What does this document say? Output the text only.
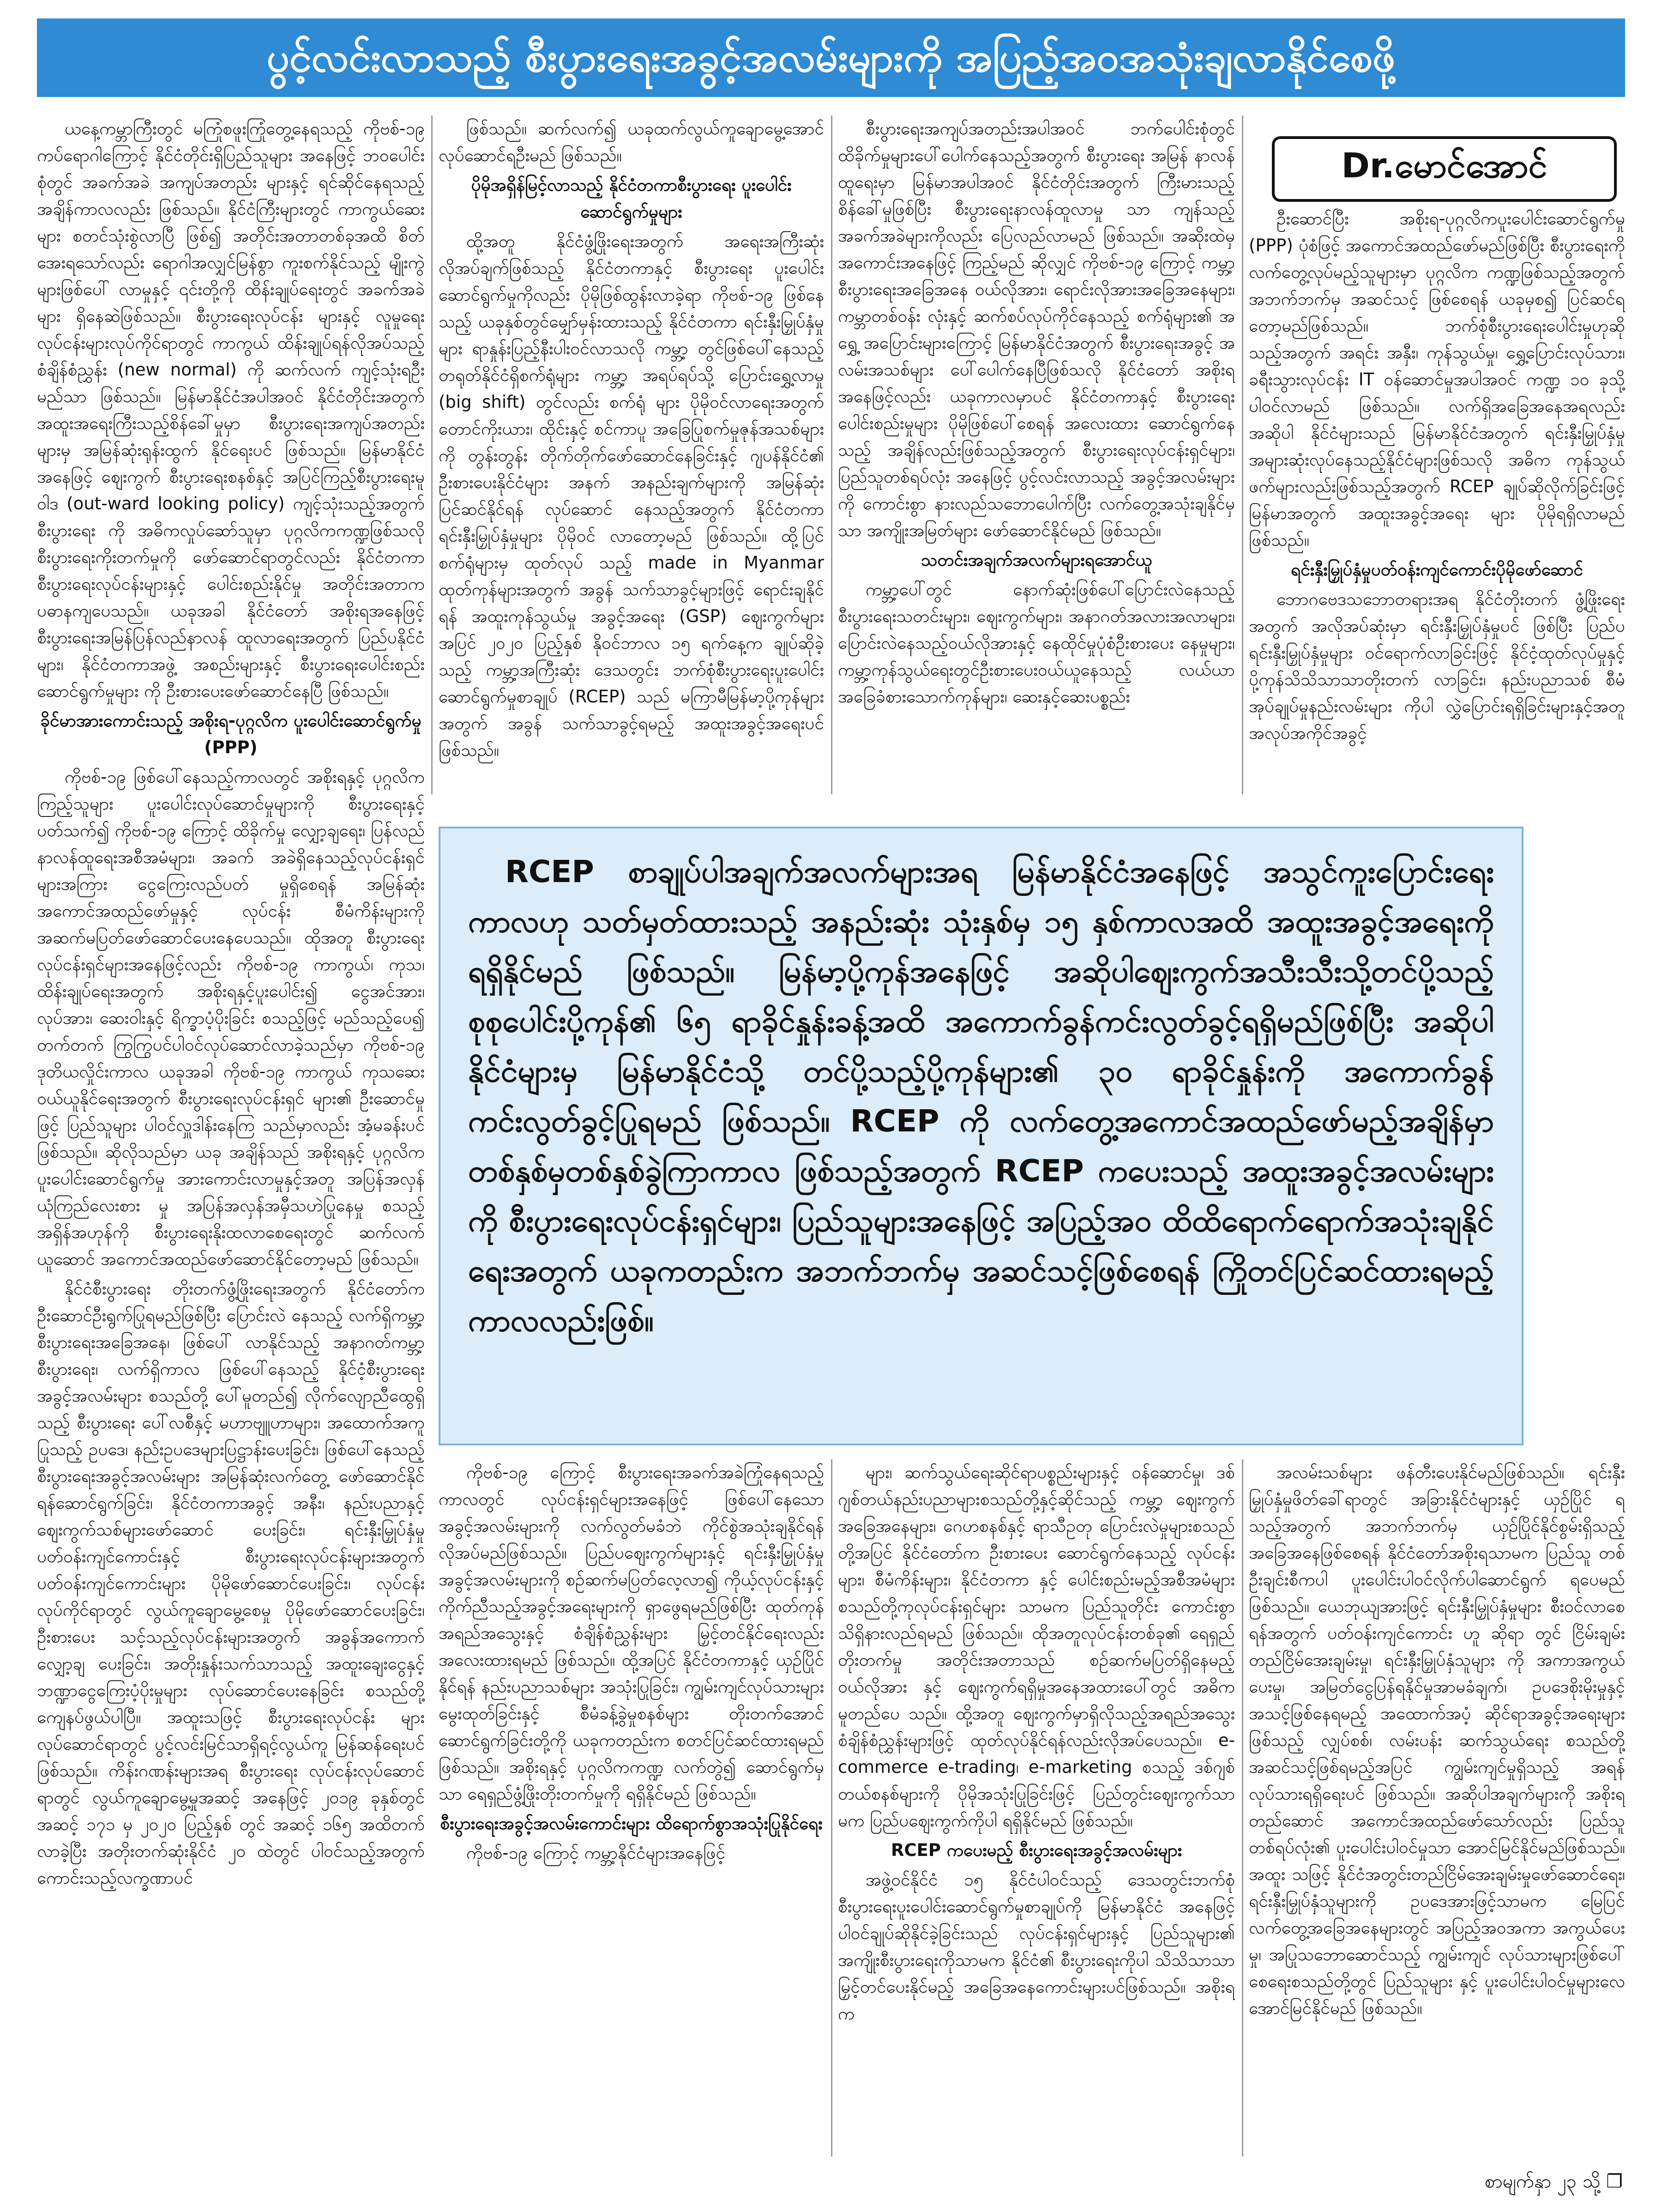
ပွင့်လင်းလာသည့် စီးပွားရေးအခွင့်အလမ်းများကို အပြည့်အ၀အသုံးချလာနိုင်စေဖို့

ယနေ့ကမ္ဘာကြီးတွင် မကြုံစဖူးကြုံတွေ့နေရသည့် ကိုဗစ်-၁၉ ကပ်ရောဂါကြောင့် နိုင်ငံတိုင်းရှိပြည်သူများ အနေဖြင့် ဘဝပေါင်းစုံတွင် အခက်အခဲ အကျပ်အတည်း များနှင့် ရင်ဆိုင်နေရသည့်အချိန်ကာလလည်း ဖြစ်သည်။ နိုင်ငံကြီးများတွင် ကာကွယ်ဆေးများ စတင်သုံးစွဲလာပြီ ဖြစ်၍ အတိုင်းအတာတစ်ခုအထိ စိတ်အေးရသော်လည်း ရောဂါအလျှင်မြန်စွာ ကူးစက်နိုင်သည့် မျိုးကွဲများဖြစ်ပေါ် လာမှုနှင့် ၎င်းတို့ကို ထိန်းချုပ်ရေးတွင် အခက်အခဲများ ရှိနေဆဲဖြစ်သည်။ စီးပွားရေးလုပ်ငန်း များနှင့် လူမှုရေးလုပ်ငန်းများလုပ်ကိုင်ရာတွင် ကာကွယ် ထိန်းချုပ်ရန်လိုအပ်သည့် စံချိန်စံညွှန်း (new normal) ကို ဆက်လက် ကျင့်သုံးရဦးမည်သာ ဖြစ်သည်။ မြန်မာနိုင်ငံအပါအဝင် နိုင်ငံတိုင်းအတွက် အထူးအရေးကြီးသည့်စိန်ခေါ်မှုမှာ စီးပွားရေးအကျပ်အတည်းများမှ အမြန်ဆုံးရုန်းထွက် နိုင်ရေးပင် ဖြစ်သည်။ မြန်မာနိုင်ငံအနေဖြင့် ဈေးကွက် စီးပွားရေးစနစ်နှင့် အပြင်ကြည့်စီးပွားရေးမူဝါဒ (out-ward looking policy) ကျင့်သုံးသည့်အတွက် စီးပွားရေး ကို အဓိကလှုပ်ဆော်သူမှာ ပုဂ္ဂလိကကဏ္ဍဖြစ်သလို စီးပွားရေးကိုးတက်မှုကို ဖော်ဆောင်ရာတွင်လည်း နိုင်ငံတကာ စီးပွားရေးလုပ်ငန်းများနှင့် ပေါင်းစည်းနိုင်မှု အတိုင်းအတာက ပဓာနကျပေသည်။ ယခုအခါ နိုင်ငံတော် အစိုးရအနေဖြင့် စီးပွားရေးအမြန်ပြန်လည်နာလန် ထူလာရေးအတွက် ပြည်ပနိုင်ငံများ၊ နိုင်ငံတကာအဖွဲ့ အစည်းများနှင့် စီးပွားရေးပေါင်းစည်းဆောင်ရွက်မှုများ ကို ဦးစားပေးဖော်ဆောင်နေပြီ ဖြစ်သည်။

ခိုင်မာအားကောင်းသည့် အစိုးရ-ပုဂ္ဂလိက ပူးပေါင်းဆောင်ရွက်မှု (PPP)

ကိုဗစ်-၁၉ ဖြစ်ပေါ်နေသည့်ကာလတွင် အစိုးရနှင့် ပုဂ္ဂလိကကြည့်သူများ ပူးပေါင်းလုပ်ဆောင်မှုများကို စီးပွားရေးနှင့်ပတ်သက်၍ ကိုဗစ်-၁၉ ကြောင့် ထိခိုက်မှု လျှော့ချရေး၊ ပြန်လည်နာလန်ထူရေးအစီအမံများ၊ အခက် အခဲရှိနေသည့်လုပ်ငန်းရှင်များအကြား ငွေကြေးလည်ပတ် မှုရှိစေရန် အမြန်ဆုံးအကောင်အထည်ဖော်မှုနှင့် လုပ်ငန်း စီမံကိန်းများကိုအဆက်မပြတ်ဖော်ဆောင်ပေးနေပေသည်။ ထိုအတူ စီးပွားရေးလုပ်ငန်းရှင်များအနေဖြင့်လည်း ကိုဗစ်-၁၉ ကာကွယ်၊ ကုသ၊ ထိန်းချုပ်ရေးအတွက် အစိုးရနှင့်ပူးပေါင်း၍ ငွေအင်အား၊ လုပ်အား၊ ဆေးဝါးနှင့် ရိက္ခာပံ့ပိုးခြင်း စသည့်ဖြင့် မည်သည့်ပေ၍ တက်တက် ကြွကြွပင်ပါဝင်လုပ်ဆောင်လာခဲ့သည်မှာ ကိုဗစ်-၁၉ ဒုတိယလှိုင်းကာလ ယခုအခါ ကိုဗစ်-၁၉ ကာကွယ် ကုသဆေးဝယ်ယူနိုင်ရေးအတွက် စီးပွားရေးလုပ်ငန်းရှင် များ၏ ဦးဆောင်မှုဖြင့် ပြည်သူများ ပါဝင်လှူဒါန်းနေကြ သည်မှာလည်း အံ့မခန်းပင်ဖြစ်သည်။ ဆိုလိုသည်မှာ ယခု အချိန်သည် အစိုးရနှင့် ပုဂ္ဂလိကပူးပေါင်းဆောင်ရွက်မှု အားကောင်းလာမှုနှင့်အတူ အပြန်အလှန်ယုံကြည်လေးစား မှု အပြန်အလှန်အမှီသဟဲပြုနေမှု စသည့်အရှိန်အဟုန်ကို စီးပွားရေးနိုးထလာစေရေးတွင် ဆက်လက်ယူဆောင် အကောင်အထည်ဖော်ဆောင်နိုင်တော့မည် ဖြစ်သည်။

နိုင်ငံစီးပွားရေး တိုးတက်ဖွံ့ဖြိုးရေးအတွက် နိုင်ငံတော်က ဦးဆောင်ဦးရွက်ပြုရမည်ဖြစ်ပြီး ပြောင်းလဲ နေသည့် လက်ရှိကမ္ဘာ့စီးပွားရေးအခြေအနေ၊ ဖြစ်ပေါ် လာနိုင်သည့် အနာဂတ်ကမ္ဘာ့စီးပွားရေး၊ လက်ရှိကာလ ဖြစ်ပေါ်နေသည့် နိုင်ငံ့စီးပွားရေးအခွင့်အလမ်းများ စသည်တို့ ပေါ်မူတည်၍ လိုက်လျောညီထွေရှိသည့် စီးပွားရေး ပေါ်လစီနှင့် မဟာဗျူဟာများ၊ အထောက်အကူပြုသည့် ဥပဒေ၊ နည်းဥပဒေများပြဋ္ဌာန်းပေးခြင်း၊ ဖြစ်ပေါ်နေသည့် စီးပွားရေးအခွင့်အလမ်းများ အမြန်ဆုံးလက်တွေ့ ဖော်ဆောင်နိုင်ရန်ဆောင်ရွက်ခြင်း၊ နိုင်ငံတကာအခွင့် အနီး၊ နည်းပညာနှင့် ဈေးကွက်သစ်များဖော်ဆောင် ပေးခြင်း၊ ရင်းနှီးမြှုပ်နှံမှုပတ်ဝန်းကျင်ကောင်းနှင့် စီးပွားရေးလုပ်ငန်းများအတွက် ပတ်ဝန်းကျင်ကောင်းများ ပိုမိုဖော်ဆောင်ပေးခြင်း၊ လုပ်ငန်းလုပ်ကိုင်ရာတွင် လွယ်ကူချောမွေ့စေမှု ပိုမိုဖော်ဆောင်ပေးခြင်း၊ ဦးစားပေး သင့်သည့်လုပ်ငန်းများအတွက် အခွန်အကောက်လျှော့ချ ပေးခြင်း၊ အတိုးနှုန်းသက်သာသည့် အထူးချေးငွေနှင့် ဘဏ္ဍာငွေကြေးပံ့ပိုးမှုများ လုပ်ဆောင်ပေးနေခြင်း စသည်တို့ကျေနပ်ဖွယ်ပါပြီ။ အထူးသဖြင့် စီးပွားရေးလုပ်ငန်း များလုပ်ဆောင်ရာတွင် ပွင့်လင်းမြင်သာရှိရင့်လွယ်ကူ မြန်ဆန်ရေးပင်ဖြစ်သည်။ ကိန်းဂဏန်းများအရ စီးပွားရေး လုပ်ငန်းလုပ်ဆောင်ရာတွင် လွယ်ကူချောမွေ့မှုအဆင့် အနေဖြင့် ၂၀၁၉ ခုနှစ်တွင် အဆင့် ၁၇၁ မှ ၂၀၂၀ ပြည့်နှစ် တွင် အဆင့် ၁၆၅ အထိတက်လာခဲ့ပြီး အတိုးတက်ဆုံးနိုင်ငံ ၂၀ ထဲတွင် ပါဝင်သည့်အတွက် ကောင်းသည့်လက္ခဏာပင်

ဖြစ်သည်။ ဆက်လက်၍ ယခုထက်လွယ်ကူချောမွေ့အောင် လုပ်ဆောင်ရဦးမည် ဖြစ်သည်။

ပိုမိုအရှိန်မြင့်လာသည့် နိုင်ငံတကာစီးပွားရေး ပူးပေါင်းဆောင်ရွက်မှုများ

ထို့အတူ နိုင်ငံဖွံ့ဖြိုးရေးအတွက် အရေးအကြီးဆုံး လိုအပ်ချက်ဖြစ်သည့် နိုင်ငံတကာနှင့် စီးပွားရေး ပူးပေါင်း ဆောင်ရွက်မှုကိုလည်း ပိုမိုဖြစ်ထွန်းလာခဲ့ရာ ကိုဗစ်-၁၉ ဖြစ်နေသည့် ယခုနှစ်တွင်မျှော်မှန်းထားသည့် နိုင်ငံတကာ ရင်းနှီးမြှုပ်နှံမှုများ ရာနှုန်းပြည့်နီးပါးဝင်လာသလို ကမ္ဘာ့ တွင်ဖြစ်ပေါ်နေသည့် တရုတ်နိုင်ငံရှိစက်ရုံများ ကမ္ဘာ့ အရပ်ရပ်သို့ ပြောင်းရွှေ့လာမှု (big shift) တွင်လည်း စက်ရုံ များ ပိုမိုဝင်လာရေးအတွက် တောင်ကိုးယား၊ ထိုင်းနှင့် စင်ကာပူ အခြေပြုစက်မှုဇုန်အသစ်များကို တွန်းတွန်း တိုက်တိုက်ဖော်ဆောင်နေခြင်းနှင့် ဂျပန်နိုင်ငံ၏ ဦးစားပေးနိုင်ငံများ အနက် အနည်းချက်များကို အမြန်ဆုံးပြင်ဆင်နိုင်ရန် လုပ်ဆောင် နေသည့်အတွက် နိုင်ငံတကာရင်းနှီးမြှုပ်နှံမှုများ ပိုမိုဝင် လာတော့မည် ဖြစ်သည်။ ထို့ပြင် စက်ရုံများမှ ထုတ်လုပ် သည့် made in Myanmar ထုတ်ကုန်များအတွက် အခွန် သက်သာခွင့်များဖြင့် ရောင်းချနိုင်ရန် အထူးကုန်သွယ်မှု အခွင့်အရေး (GSP) ဈေးကွက်များအပြင် ၂၀၂၀ ပြည့်နှစ် နိုဝင်ဘာလ ၁၅ ရက်နေ့က ချုပ်ဆိုခဲ့သည့် ကမ္ဘာ့အကြီးဆုံး ဒေသတွင်း ဘက်စုံစီးပွားရေးပူးပေါင်းဆောင်ရွက်မှုစာချုပ် (RCEP) သည် မကြာမီမြန်မာ့ပို့ကုန်များအတွက် အခွန် သက်သာခွင့်ရမည့် အထူးအခွင့်အရေးပင် ဖြစ်သည်။

စီးပွားရေးအကျပ်အတည်းအပါအဝင် ဘက်ပေါင်းစုံတွင် ထိခိုက်မှုများပေါ်ပေါက်နေသည့်အတွက် စီးပွားရေး အမြန် နာလန်ထူရေးမှာ မြန်မာအပါအဝင် နိုင်ငံတိုင်းအတွက် ကြီးမားသည့်စိန်ခေါ်မှုဖြစ်ပြီး စီးပွားရေးနာလန်ထူလာမှု သာ ကျန်သည့်အခက်အခဲများကိုလည်း ပြေလည်လာမည် ဖြစ်သည်။ အဆိုးထဲမှ အကောင်းအနေဖြင့် ကြည့်မည် ဆိုလျှင် ကိုဗစ်-၁၉ ကြောင့် ကမ္ဘာ့စီးပွားရေးအခြေအနေ ဝယ်လိုအား၊ ရောင်းလိုအားအခြေအနေများ၊ ကမ္ဘာတစ်ဝန်း လုံးနှင့် ဆက်စပ်လုပ်ကိုင်နေသည့် စက်ရုံများ၏ အရွှေ့ အပြောင်းများကြောင့် မြန်မာနိုင်ငံအတွက် စီးပွားရေးအခွင့် အလမ်းအသစ်များ ပေါ်ပေါက်နေပြီဖြစ်သလို နိုင်ငံတော် အစိုးရအနေဖြင့်လည်း ယခုကာလမှာပင် နိုင်ငံတကာနှင့် စီးပွားရေးပေါင်းစည်းမှုများ ပိုမိုဖြစ်ပေါ်စေရန် အလေးထား ဆောင်ရွက်နေသည့် အချိန်လည်းဖြစ်သည့်အတွက် စီးပွားရေးလုပ်ငန်းရှင်များ၊ ပြည်သူတစ်ရပ်လုံး အနေဖြင့် ပွင့်လင်းလာသည့် အခွင့်အလမ်းများကို ကောင်းစွာ နားလည်သဘောပေါက်ပြီး လက်တွေ့အသုံးချနိုင်မှသာ အကျိုးအမြတ်များ ဖော်ဆောင်နိုင်မည် ဖြစ်သည်။

သတင်းအချက်အလက်များရအောင်ယူ

ကမ္ဘာ့ပေါ်တွင် နောက်ဆုံးဖြစ်ပေါ်ပြောင်းလဲနေသည့် စီးပွားရေးသတင်းများ၊ ဈေးကွက်များ၊ အနာဂတ်အလားအလာများ၊ ပြောင်းလဲနေသည့်ဝယ်လိုအားနှင့် နေထိုင်မှုပုံစံဦးစားပေး နေမှုများ၊ ကမ္ဘာ့ကုန်သွယ်ရေးတွင်ဦးစားပေးဝယ်ယူနေသည့် လယ်ယာအခြေခံစားသောက်ကုန်များ၊ ဆေးနှင့်ဆေးပစ္စည်း

Dr.မောင်အောင်

ဦးဆောင်ပြီး အစိုးရ-ပုဂ္ဂလိကပူးပေါင်းဆောင်ရွက်မှု (PPP) ပုံစံဖြင့် အကောင်အထည်ဖော်မည်ဖြစ်ပြီး စီးပွားရေးကို လက်တွေ့လုပ်မည့်သူများမှာ ပုဂ္ဂလိက ကဏ္ဍဖြစ်သည့်အတွက် အဘက်ဘက်မှ အဆင်သင့် ဖြစ်စေရန် ယခုမှစ၍ ပြင်ဆင်ရတော့မည်ဖြစ်သည်။ ဘက်စုံစီးပွားရေးပေါင်းမှုဟုဆိုသည့်အတွက် အရင်း အနှီး၊ ကုန်သွယ်မှု၊ ရွှေ့ပြောင်းလုပ်သား၊ ခရီးသွားလုပ်ငန်း IT ဝန်ဆောင်မှုအပါအဝင် ကဏ္ဍ ၁၀ ခုသို့ ပါဝင်လာမည် ဖြစ်သည်။ လက်ရှိအခြေအနေအရလည်း အဆိုပါ နိုင်ငံများသည် မြန်မာနိုင်ငံအတွက် ရင်းနှီးမြှုပ်နှံမှု အများဆုံးလုပ်နေသည့်နိုင်ငံများဖြစ်သလို အဓိက ကုန်သွယ်ဖက်များလည်းဖြစ်သည့်အတွက် RCEP ချုပ်ဆိုလိုက်ခြင်းဖြင့် မြန်မာအတွက် အထူးအခွင့်အရေး များ ပိုမိုရရှိလာမည်ဖြစ်သည်။

ရင်းနှီးမြှုပ်နှံမှုပတ်ဝန်းကျင်ကောင်းပိုမိုဖော်ဆောင်

ဘောဂဗေဒသဘောတရားအရ နိုင်ငံတိုးတက် ဖွံ့ဖြိုးရေးအတွက် အလိုအပ်ဆုံးမှာ ရင်းနှီးမြှုပ်နှံမှုပင် ဖြစ်ပြီး ပြည်ပရင်းနှီးမြှုပ်နှံမှုများ ဝင်ရောက်လာခြင်းဖြင့် နိုင်ငံ့ထုတ်လုပ်မှုနှင့် ပို့ကုန်သိသိသာသာတိုးတက် လာခြင်း၊ နည်းပညာသစ် စီမံအုပ်ချုပ်မှုနည်းလမ်းများ ကိုပါ လွှဲပြောင်းရရှိခြင်းများနှင့်အတူ အလုပ်အကိုင်အခွင့်

RCEP စာချုပ်ပါအချက်အလက်များအရ မြန်မာနိုင်ငံအနေဖြင့် အသွင်ကူးပြောင်းရေးကာလဟု သတ်မှတ်ထားသည့် အနည်းဆုံး သုံးနှစ်မှ ၁၅ နှစ်ကာလအထိ အထူးအခွင့်အရေးကို ရရှိနိုင်မည် ဖြစ်သည်။ မြန်မာ့ပို့ကုန်အနေဖြင့် အဆိုပါဈေးကွက်အသီးသီးသို့တင်ပို့သည့် စုစုပေါင်းပို့ကုန်၏ ၆၅ ရာခိုင်နှုန်းခန့်အထိ အကောက်ခွန်ကင်းလွတ်ခွင့်ရရှိမည်ဖြစ်ပြီး အဆိုပါနိုင်ငံများမှ မြန်မာနိုင်ငံသို့ တင်ပို့သည့်ပို့ကုန်များ၏ ၃၀ ရာခိုင်နှုန်းကို အကောက်ခွန် ကင်းလွတ်ခွင့်ပြုရမည် ဖြစ်သည်။ RCEP ကို လက်တွေ့အကောင်အထည်ဖော်မည့်အချိန်မှာ တစ်နှစ်မှတစ်နှစ်ခွဲကြာကာလ ဖြစ်သည့်အတွက် RCEP ကပေးသည့် အထူးအခွင့်အလမ်းများကို စီးပွားရေးလုပ်ငန်းရှင်များ၊ ပြည်သူများအနေဖြင့် အပြည့်အဝ ထိထိရောက်ရောက်အသုံးချနိုင်ရေးအတွက် ယခုကတည်းက အဘက်ဘက်မှ အဆင်သင့်ဖြစ်စေရန် ကြိုတင်ပြင်ဆင်ထားရမည့်ကာလလည်းဖြစ်။

ကိုဗစ်-၁၉ ကြောင့် စီးပွားရေးအခက်အခဲကြုံနေရသည့် ကာလတွင် လုပ်ငန်းရှင်များအနေဖြင့် ဖြစ်ပေါ်နေသော အခွင့်အလမ်းများကို လက်လွတ်မခံဘဲ ကိုင်စွဲအသုံးချနိုင်ရန် လိုအပ်မည်ဖြစ်သည်။ ပြည်ပဈေးကွက်များနှင့် ရင်းနှီးမြှုပ်နှံမှုအခွင့်အလမ်းများကို စဉ်ဆက်မပြတ်လေ့လာ၍ ကိုယ့်လုပ်ငန်းနှင့် ကိုက်ညီသည့်အခွင့်အရေးများကို ရှာဖွေရမည်ဖြစ်ပြီး ထုတ်ကုန်အရည်အသွေးနှင့် စံချိန်စံညွှန်းများ မြှင့်တင်နိုင်ရေးလည်း အလေးထားရမည် ဖြစ်သည်။ ထို့အပြင် နိုင်ငံတကာနှင့် ယှဉ်ပြိုင်နိုင်ရန် နည်းပညာသစ်များ အသုံးပြုခြင်း၊ ကျွမ်းကျင်လုပ်သားများ မွေးထုတ်ခြင်းနှင့် စီမံခန့်ခွဲမှုစနစ်များ တိုးတက်အောင် ဆောင်ရွက်ခြင်းတို့ကို ယခုကတည်းက စတင်ပြင်ဆင်ထားရမည် ဖြစ်သည်။ အစိုးရနှင့် ပုဂ္ဂလိကကဏ္ဍ လက်တွဲ၍ ဆောင်ရွက်မှသာ ရေရှည်ဖွံ့ဖြိုးတိုးတက်မှုကို ရရှိနိုင်မည် ဖြစ်သည်။

စီးပွားရေးအခွင့်အလမ်းကောင်းများ ထိရောက်စွာအသုံးပြုနိုင်ရေး

ကိုဗစ်-၁၉ ကြောင့် ကမ္ဘာ့နိုင်ငံများအနေဖြင့်

များ၊ ဆက်သွယ်ရေးဆိုင်ရာပစ္စည်းများနှင့် ဝန်ဆောင်မှု၊ ဒစ်ဂျစ်တယ်နည်းပညာများစသည်တို့နှင့်ဆိုင်သည့် ကမ္ဘာ့ ဈေးကွက်အခြေအနေများ၊ ဂေဟစနစ်နှင့် ရာသီဥတု ပြောင်းလဲမှုများစသည်တို့အပြင် နိုင်ငံတော်က ဦးစားပေး ဆောင်ရွက်နေသည့် လုပ်ငန်းများ၊ စီမံကိန်းများ၊ နိုင်ငံတကာ နှင့် ပေါင်းစည်းမည့်အစီအမံများ စသည်တို့ကုလုပ်ငန်းရှင်များ သာမက ပြည်သူတိုင်း ကောင်းစွာသိရှိနားလည်ရမည် ဖြစ်သည်။ ထိုအတူလုပ်ငန်းတစ်ခု၏ ရေရှည်တိုးတက်မှု အတိုင်းအတာသည် စဉ်ဆက်မပြတ်ရှိနေမည့်ဝယ်လိုအား နှင့် ဈေးကွက်ရရှိမှုအနေအထားပေါ်တွင် အဓိကမူတည်ပေ သည်။ ထို့အတူ ဈေးကွက်မှာရှိလိုသည့်အရည်အသွေး စံချိန်စံညွှန်းများဖြင့် ထုတ်လုပ်နိုင်ရန်လည်းလိုအပ်ပေသည်။ e-commerce e-trading၊ e-marketing စသည့် ဒစ်ဂျစ်တယ်စနစ်များကို ပိုမိုအသုံးပြုခြင်းဖြင့် ပြည်တွင်းဈေးကွက်သာမက ပြည်ပဈေးကွက်ကိုပါ ရရှိနိုင်မည် ဖြစ်သည်။

RCEP ကပေးမည့် စီးပွားရေးအခွင့်အလမ်းများ

အဖွဲ့ဝင်နိုင်ငံ ၁၅ နိုင်ငံပါဝင်သည့် ဒေသတွင်းဘက်စုံ စီးပွားရေးပူးပေါင်းဆောင်ရွက်မှုစာချုပ်ကို မြန်မာနိုင်ငံ အနေဖြင့် ပါဝင်ချုပ်ဆိုနိုင်ခဲ့ခြင်းသည် လုပ်ငန်းရှင်များနှင့် ပြည်သူများ၏ အကျိုးစီးပွားရေးကိုသာမက နိုင်ငံ၏ စီးပွားရေးကိုပါ သိသိသာသာမြှင့်တင်ပေးနိုင်မည့် အခြေအနေကောင်းများပင်ဖြစ်သည်။ အစိုးရက

အလမ်းသစ်များ ဖန်တီးပေးနိုင်မည်ဖြစ်သည်။ ရင်းနှီး မြှုပ်နှံမှုဖိတ်ခေါ်ရာတွင် အခြားနိုင်ငံများနှင့် ယှဉ်ပြိုင် ရသည့်အတွက် အဘက်ဘက်မှ ယှဉ်ပြိုင်နိုင်စွမ်းရှိသည့် အခြေအနေဖြစ်စေရန် နိုင်ငံတော်အစိုးရသာမက ပြည်သူ တစ်ဦးချင်းစီကပါ ပူးပေါင်းပါဝင်လိုက်ပါဆောင်ရွက် ရပေမည် ဖြစ်သည်။ ယေဘုယျအားဖြင့် ရင်းနှီးမြှုပ်နှံမှုများ စီးဝင်လာစေရန်အတွက် ပတ်ဝန်းကျင်ကောင်း ဟူ ဆိုရာ တွင် ငြိမ်းချမ်းတည်ငြိမ်အေးချမ်းမှု၊ ရင်းနှီးမြှုပ်နှံသူများ ကို အကာအကွယ်ပေးမှု၊ အမြတ်ငွေပြန်ရနိုင်မှုအာမခံချက်၊ ဥပဒေစိုးမိုးမှုနှင့် အသင့်ဖြစ်နေရမည့် အထောက်အပံ့ ဆိုင်ရာအခွင့်အရေးများဖြစ်သည့် လျှပ်စစ်၊ လမ်းပန်း ဆက်သွယ်ရေး စသည်တို့အဆင်သင့်ဖြစ်ရမည့်အပြင် ကျွမ်းကျင်မှုရှိသည့် အရန်လုပ်သားရရှိရေးပင် ဖြစ်သည်။ အဆိုပါအချက်များကို အစိုးရတည်ဆောင် အကောင်အထည်ဖော်သော်လည်း ပြည်သူတစ်ရပ်လုံး၏ ပူးပေါင်းပါဝင်မှုသာ အောင်မြင်နိုင်မည်ဖြစ်သည်။ အထူး သဖြင့် နိုင်ငံအတွင်းတည်ငြိမ်အေးချမ်းမှုဖော်ဆောင်ရေး၊ ရင်းနှီးမြှုပ်နှံသူများကို ဥပဒေအားဖြင့်သာမက မြေပြင် လက်တွေ့အခြေအနေများတွင် အပြည့်အဝအကာ အကွယ်ပေးမှု၊ အပြုသဘောဆောင်သည့် ကျွမ်းကျင် လုပ်သားများဖြစ်ပေါ်စေရေးစသည်တို့တွင် ပြည်သူများ နှင့် ပူးပေါင်းပါဝင်မှုများလေ အောင်မြင်နိုင်မည် ဖြစ်သည်။

စာမျက်နှာ ၂၃ သို့ ❐
